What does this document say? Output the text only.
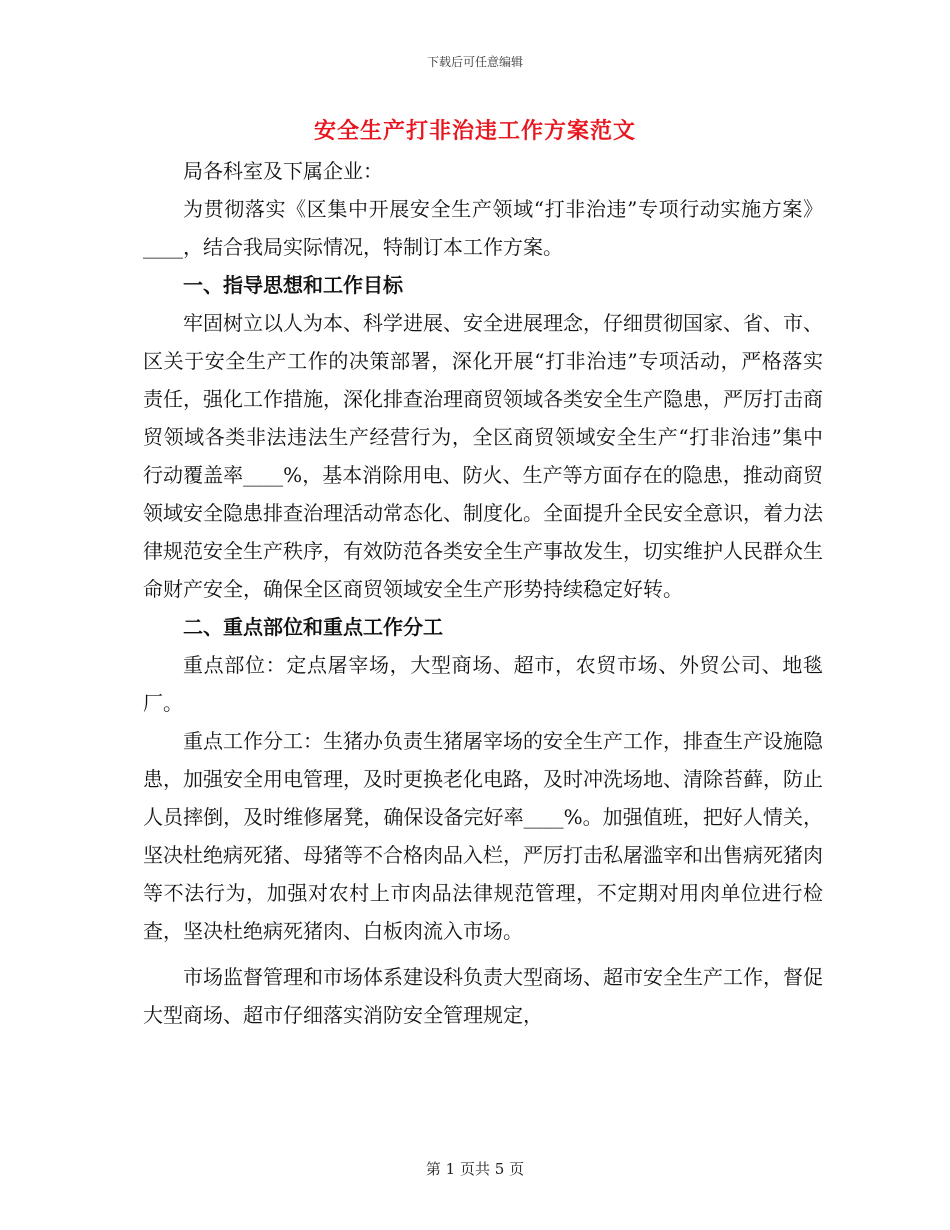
下载后可任意编辑
安全生产打非治违工作方案范文

局各科室及下属企业：

为贯彻落实《区集中开展安全生产领域“打非治违”专项行动实施方案》____，结合我局实际情况，特制订本工作方案。

一、指导思想和工作目标

牢固树立以人为本、科学进展、安全进展理念，仔细贯彻国家、省、市、区关于安全生产工作的决策部署，深化开展“打非治违”专项活动，严格落实责任，强化工作措施，深化排查治理商贸领域各类安全生产隐患，严厉打击商贸领域各类非法违法生产经营行为，全区商贸领域安全生产“打非治违”集中行动覆盖率____%，基本消除用电、防火、生产等方面存在的隐患，推动商贸领域安全隐患排查治理活动常态化、制度化。全面提升全民安全意识，着力法律规范安全生产秩序，有效防范各类安全生产事故发生，切实维护人民群众生命财产安全，确保全区商贸领域安全生产形势持续稳定好转。

二、重点部位和重点工作分工

重点部位：定点屠宰场，大型商场、超市，农贸市场、外贸公司、地毯厂。

重点工作分工：生猪办负责生猪屠宰场的安全生产工作，排查生产设施隐患，加强安全用电管理，及时更换老化电路，及时冲洗场地、清除苔藓，防止人员摔倒，及时维修屠凳，确保设备完好率____%。加强值班，把好人情关，坚决杜绝病死猪、母猪等不合格肉品入栏，严厉打击私屠滥宰和出售病死猪肉等不法行为，加强对农村上市肉品法律规范管理，不定期对用肉单位进行检查，坚决杜绝病死猪肉、白板肉流入市场。

市场监督管理和市场体系建设科负责大型商场、超市安全生产工作，督促大型商场、超市仔细落实消防安全管理规定，

第 1 页共 5 页
